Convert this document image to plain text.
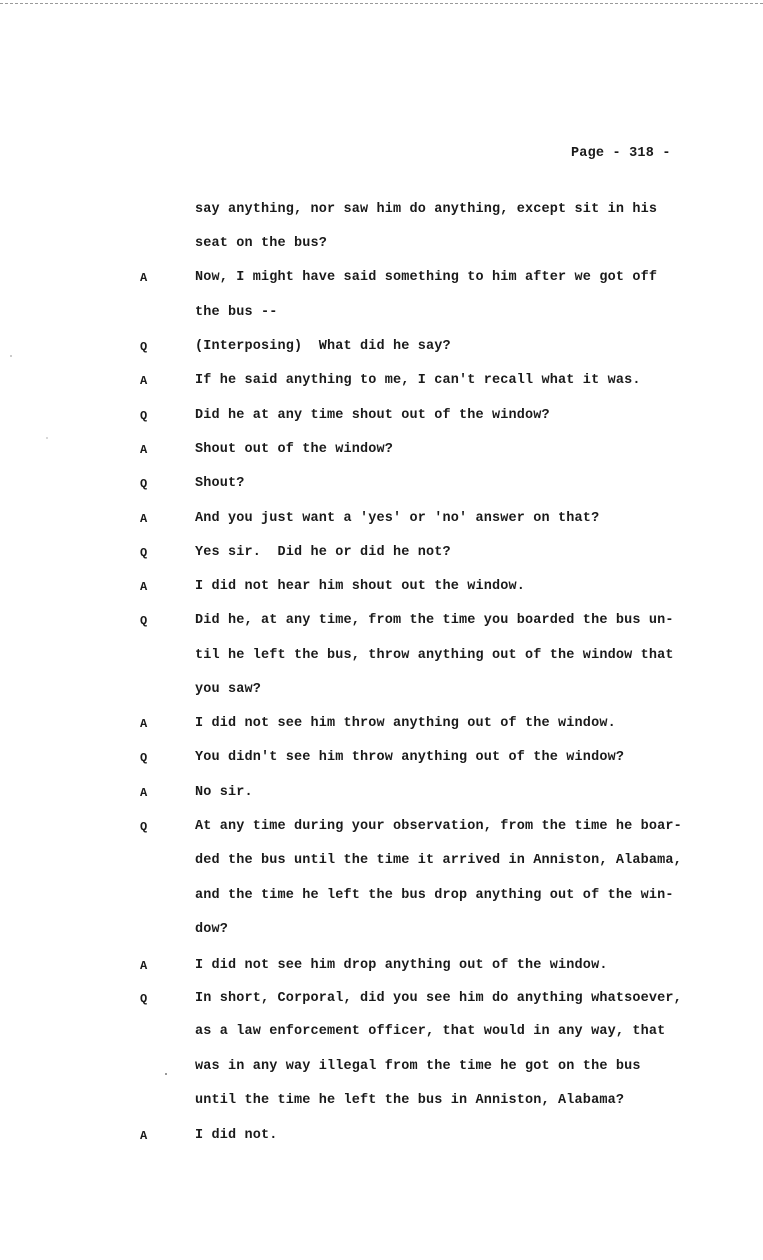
Page - 318 -
say anything, nor saw him do anything, except sit in his
seat on the bus?
A	Now, I might have said something to him after we got off
the bus --
Q	(Interposing)  What did he say?
A	If he said anything to me, I can't recall what it was.
Q	Did he at any time shout out of the window?
A	Shout out of the window?
Q	Shout?
A	And you just want a 'yes' or 'no' answer on that?
Q	Yes sir.  Did he or did he not?
A	I did not hear him shout out the window.
Q	Did he, at any time, from the time you boarded the bus un-
til he left the bus, throw anything out of the window that
you saw?
A	I did not see him throw anything out of the window.
Q	You didn't see him throw anything out of the window?
A	No sir.
Q	At any time during your observation, from the time he boar-
ded the bus until the time it arrived in Anniston, Alabama,
and the time he left the bus drop anything out of the win-
dow?
A	I did not see him drop anything out of the window.
Q	In short, Corporal, did you see him do anything whatsoever,
as a law enforcement officer, that would in any way, that
was in any way illegal from the time he got on the bus
until the time he left the bus in Anniston, Alabama?
A	I did not.
